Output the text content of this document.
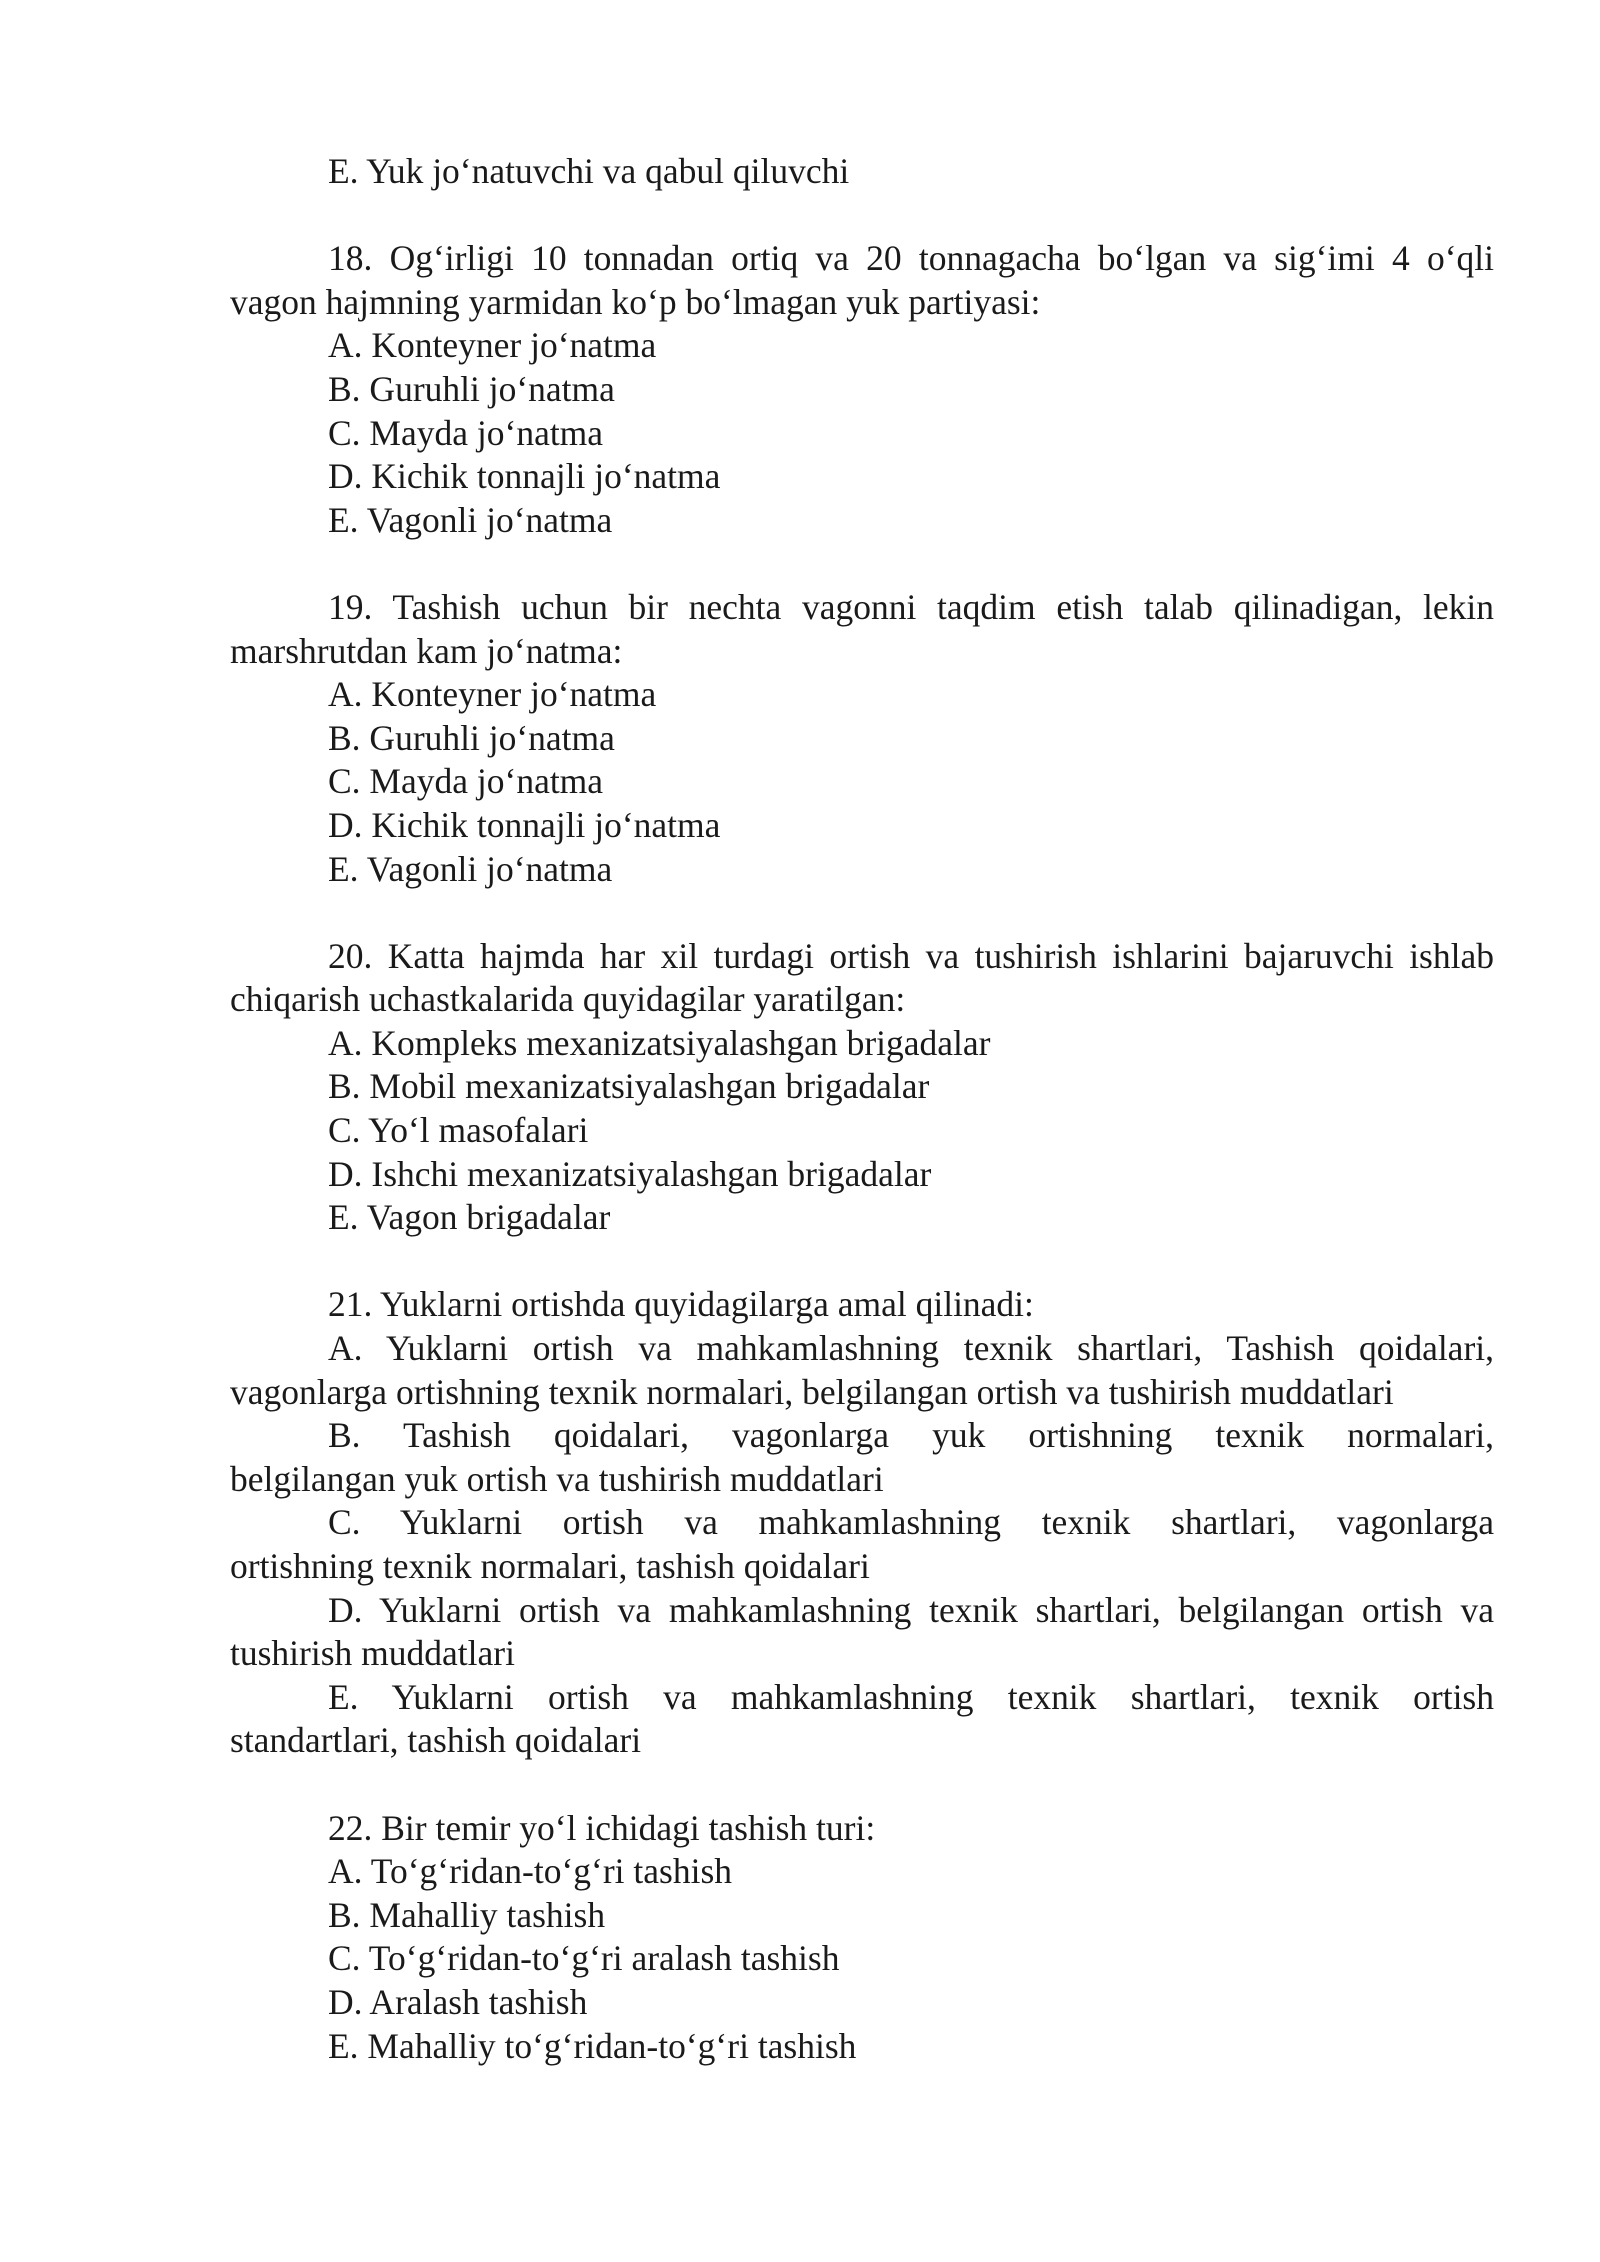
E. Yuk jo‘natuvchi va qabul qiluvchi

18. Og‘irligi 10 tonnadan ortiq va 20 tonnagacha bo‘lgan va sig‘imi 4 o‘qli

vagon hajmning yarmidan ko‘p bo‘lmagan yuk partiyasi:

A. Konteyner jo‘natma

B. Guruhli jo‘natma

C. Mayda jo‘natma

D. Kichik tonnajli jo‘natma

E. Vagonli jo‘natma

19. Tashish uchun bir nechta vagonni taqdim etish talab qilinadigan, lekin

marshrutdan kam jo‘natma:

A. Konteyner jo‘natma

B. Guruhli jo‘natma

C. Mayda jo‘natma

D. Kichik tonnajli jo‘natma

E. Vagonli jo‘natma

20. Katta hajmda har xil turdagi ortish va tushirish ishlarini bajaruvchi ishlab

chiqarish uchastkalarida quyidagilar yaratilgan:

A. Kompleks mexanizatsiyalashgan brigadalar

B. Mobil mexanizatsiyalashgan brigadalar

C. Yo‘l masofalari

D. Ishchi mexanizatsiyalashgan brigadalar

E. Vagon brigadalar

21. Yuklarni ortishda quyidagilarga amal qilinadi:

A. Yuklarni ortish va mahkamlashning texnik shartlari, Tashish qoidalari,

vagonlarga ortishning texnik normalari, belgilangan ortish va tushirish muddatlari

B. Tashish qoidalari, vagonlarga yuk ortishning texnik normalari,

belgilangan yuk ortish va tushirish muddatlari

C. Yuklarni ortish va mahkamlashning texnik shartlari, vagonlarga

ortishning texnik normalari, tashish qoidalari

D. Yuklarni ortish va mahkamlashning texnik shartlari, belgilangan ortish va

tushirish muddatlari

E. Yuklarni ortish va mahkamlashning texnik shartlari, texnik ortish

standartlari, tashish qoidalari

22. Bir temir yo‘l ichidagi tashish turi:

A. To‘g‘ridan-to‘g‘ri tashish

B. Mahalliy tashish

C. To‘g‘ridan-to‘g‘ri aralash tashish

D. Aralash tashish

E. Mahalliy to‘g‘ridan-to‘g‘ri tashish
